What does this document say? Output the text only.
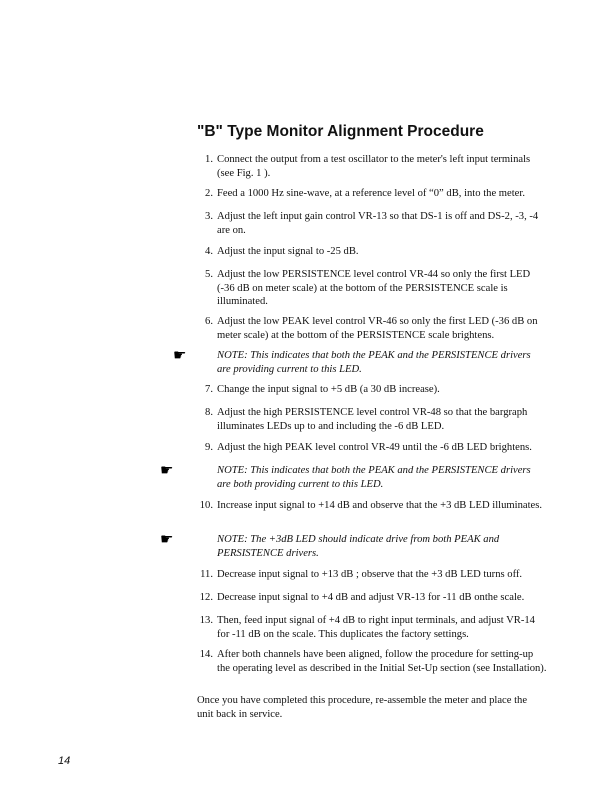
"B" Type Monitor Alignment Procedure
1. Connect the output from a test oscillator to the meter's left input terminals (see Fig. 1 ).
2. Feed a 1000 Hz sine-wave, at a reference level of “0” dB, into the meter.
3. Adjust the left input gain control VR-13 so that DS-1 is off and DS-2, -3, -4 are on.
4. Adjust the input signal to -25 dB.
5. Adjust the low PERSISTENCE level control VR-44 so only the first LED (-36 dB on meter scale) at the bottom of the PERSISTENCE scale is illuminated.
6. Adjust the low PEAK level control VR-46 so only the first LED (-36 dB on meter scale) at the bottom of the PERSISTENCE scale brightens.
☛	NOTE: This indicates that both the PEAK and the PERSISTENCE drivers are providing current to this LED.
7. Change the input signal to +5 dB (a 30 dB increase).
8. Adjust the high PERSISTENCE level control VR-48 so that the bargraph illuminates LEDs up to and including the -6 dB LED.
9. Adjust the high PEAK level control VR-49 until the -6 dB LED brightens.
☛	NOTE: This indicates that both the PEAK and the PERSISTENCE drivers are both providing current to this LED.
10. Increase input signal to +14 dB and observe that the +3 dB LED illuminates.
☛	NOTE: The +3dB LED should indicate drive from both PEAK and PERSISTENCE drivers.
11. Decrease input signal to +13 dB ; observe that the +3 dB LED turns off.
12. Decrease input signal to +4 dB and adjust VR-13 for -11 dB onthe scale.
13. Then, feed input signal of +4 dB to right input terminals, and adjust VR-14 for -11 dB on the scale. This duplicates the factory settings.
14. After both channels have been aligned, follow the procedure for setting-up the operating level as described in the Initial Set-Up section (see Installation).
Once you have completed this procedure, re-assemble the meter and place the unit back in service.
14
